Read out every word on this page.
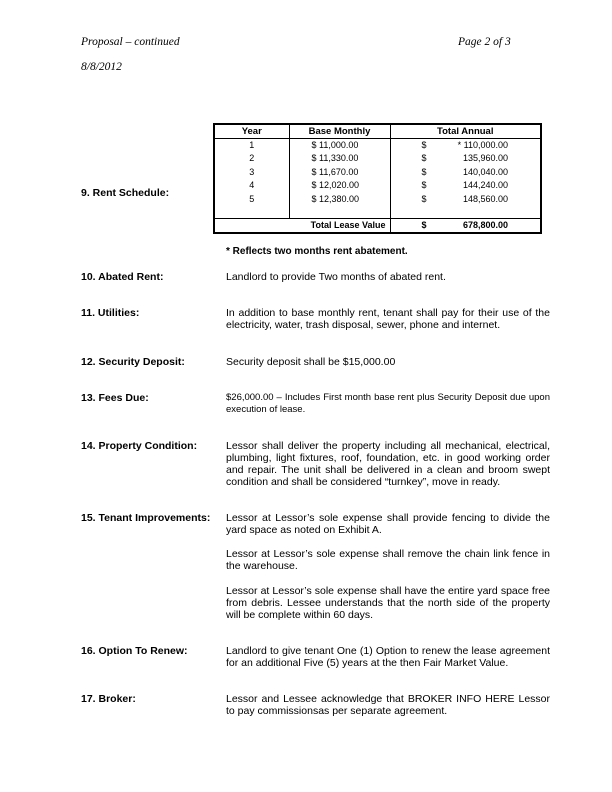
Proposal – continued	Page 2 of 3
8/8/2012
9. Rent Schedule:
Year	Base Monthly	Total Annual	
1	$ 11,000.00	$	* 110,000.00
2	$ 11,330.00	$	135,960.00
3	$ 11,670.00	$	140,040.00
4	$ 12,020.00	$	144,240.00
5	$ 12,380.00	$	148,560.00

	Total Lease Value	$	678,800.00
* Reflects two months rent abatement.
10. Abated Rent:	Landlord to provide Two months of abated rent.
11. Utilities:	In addition to base monthly rent, tenant shall pay for their use of the electricity, water, trash disposal, sewer, phone and internet.
12. Security Deposit:	Security deposit shall be $15,000.00
13. Fees Due:	$26,000.00 – Includes First month base rent plus Security Deposit due upon execution of lease.
14. Property Condition:	Lessor shall deliver the property including all mechanical, electrical, plumbing, light fixtures, roof, foundation, etc. in good working order and repair. The unit shall be delivered in a clean and broom swept condition and shall be considered “turnkey”, move in ready.
15. Tenant Improvements: Lessor at Lessor’s sole expense shall provide fencing to divide the yard space as noted on Exhibit A.
Lessor at Lessor’s sole expense shall remove the chain link fence in the warehouse.
Lessor at Lessor’s sole expense shall have the entire yard space free from debris. Lessee understands that the north side of the property will be complete within 60 days.
16. Option To Renew:	Landlord to give tenant One (1) Option to renew the lease agreement for an additional Five (5) years at the then Fair Market Value.
17. Broker:	Lessor and Lessee acknowledge that BROKER INFO HERE Lessor to pay commissionsas per separate agreement.
